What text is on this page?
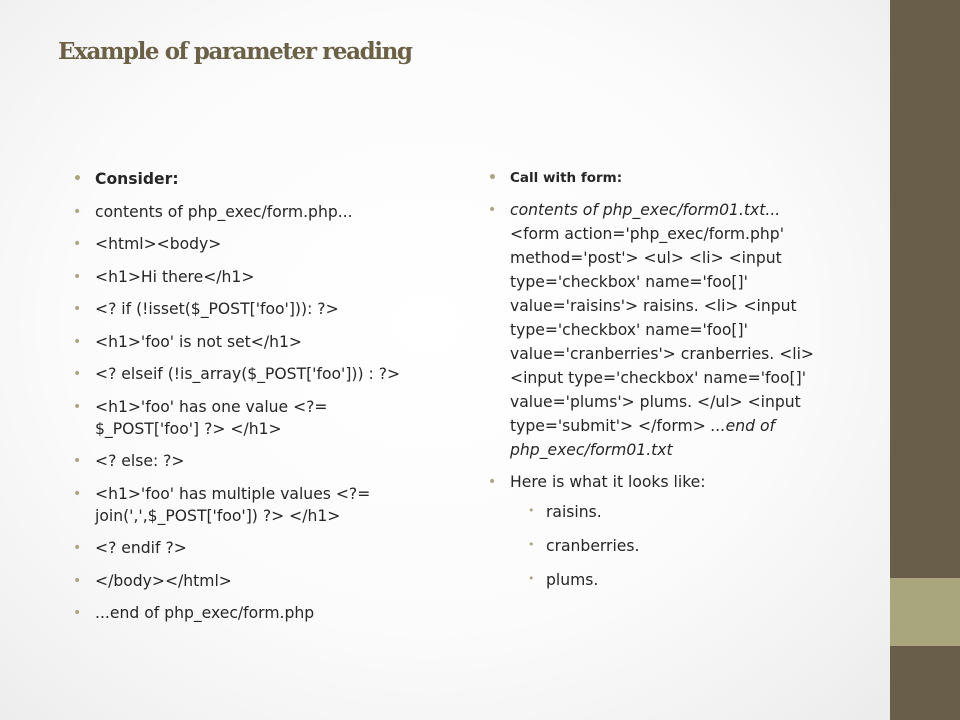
Example of parameter reading
• Consider:
• contents of php_exec/form.php...
• <html><body>
• <h1>Hi there</h1>
• <? if (!isset($_POST['foo'])): ?>
• <h1>'foo' is not set</h1>
• <? elseif (!is_array($_POST['foo'])) : ?>
• <h1>'foo' has one value <?= $_POST['foo'] ?> </h1>
• <? else: ?>
• <h1>'foo' has multiple values <?= join(',',$_POST['foo']) ?> </h1>
• <? endif ?>
• </body></html>
• ...end of php_exec/form.php
• Call with form:
• contents of php_exec/form01.txt... <form action='php_exec/form.php' method='post'> <ul> <li> <input type='checkbox' name='foo[]' value='raisins'> raisins. <li> <input type='checkbox' name='foo[]' value='cranberries'> cranberries. <li> <input type='checkbox' name='foo[]' value='plums'> plums. </ul> <input type='submit'> </form> ...end of php_exec/form01.txt
• Here is what it looks like:
• raisins.
• cranberries.
• plums.
